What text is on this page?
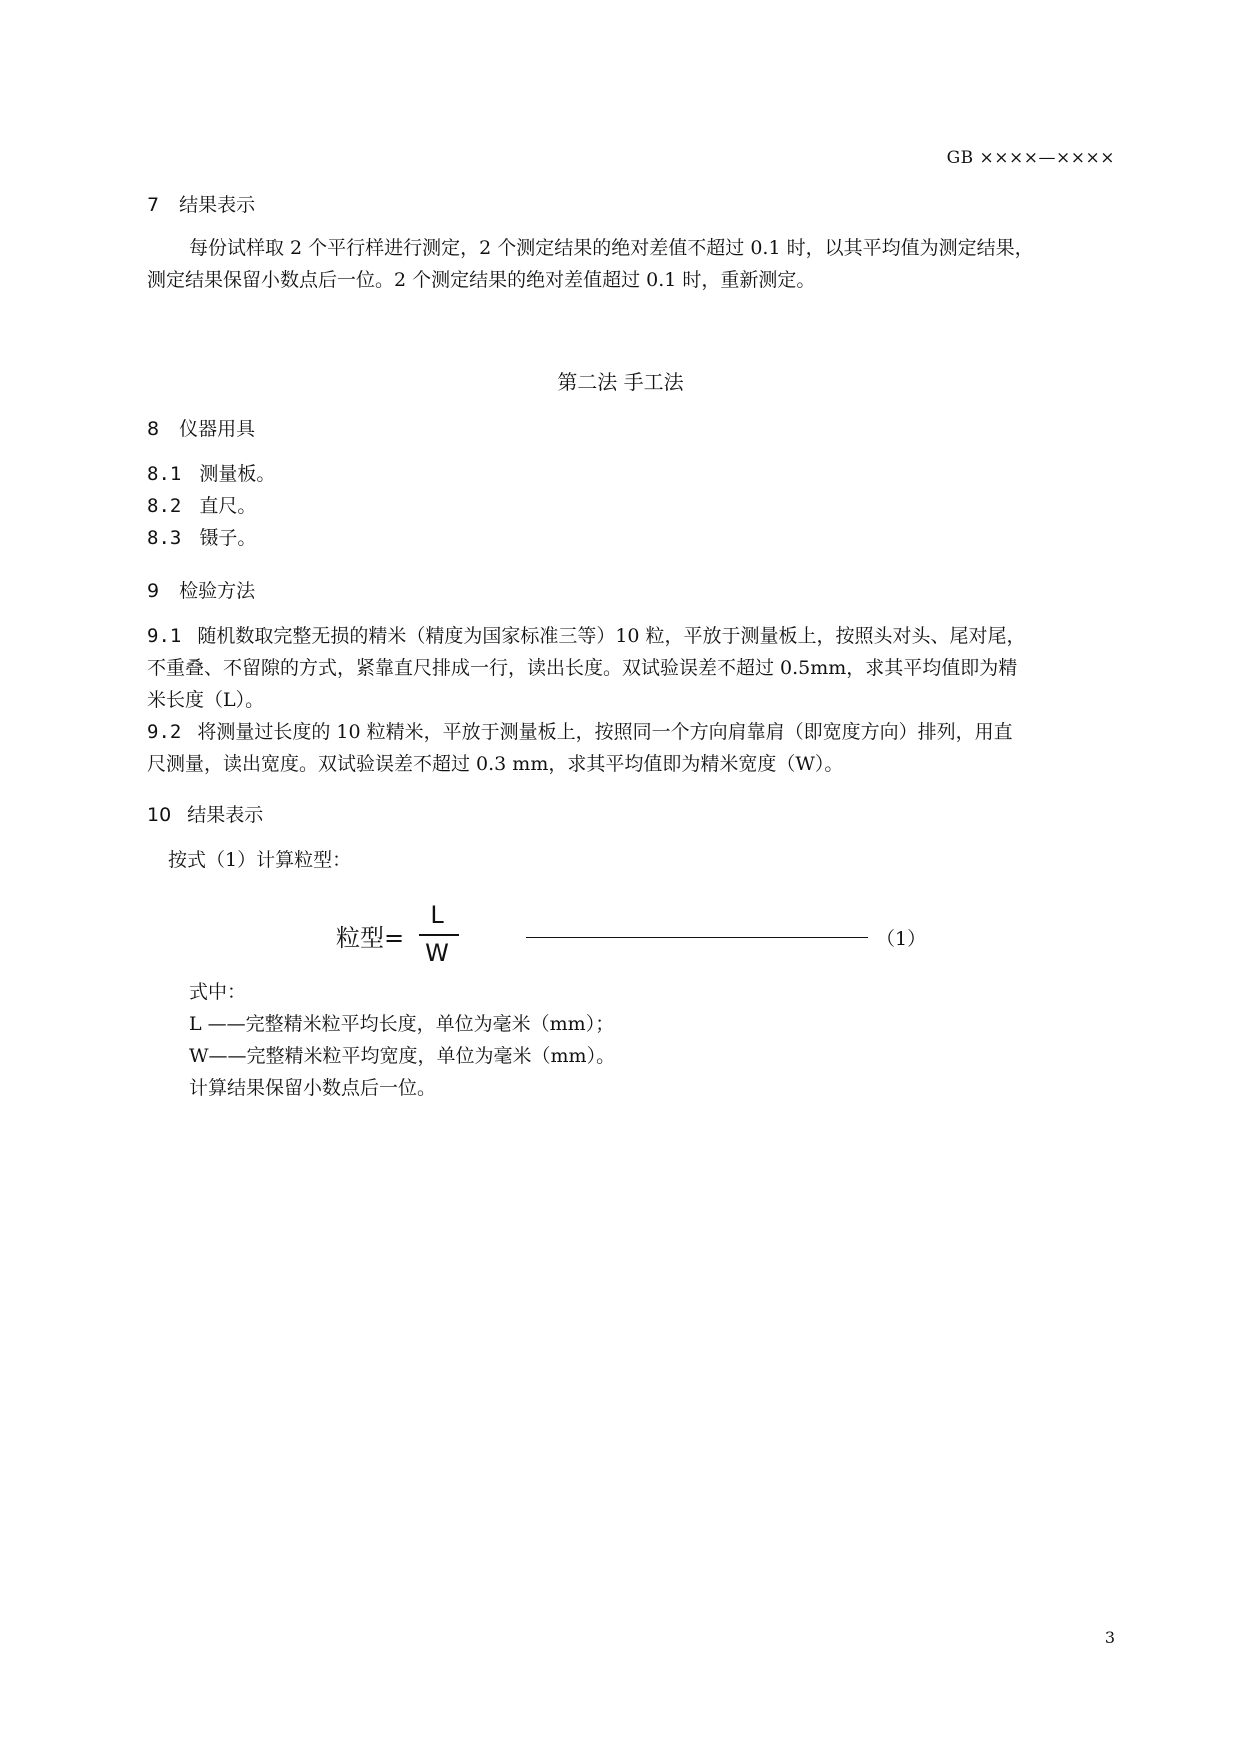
GB ××××—××××
7 结果表示
每份试样取 2 个平行样进行测定，2 个测定结果的绝对差值不超过 0.1 时，以其平均值为测定结果，
测定结果保留小数点后一位。2 个测定结果的绝对差值超过 0.1 时，重新测定。
第二法 手工法
8 仪器用具
8.1 测量板。
8.2 直尺。
8.3 镊子。
9 检验方法
9.1 随机数取完整无损的精米（精度为国家标准三等）10 粒，平放于测量板上，按照头对头、尾对尾，
不重叠、不留隙的方式，紧靠直尺排成一行，读出长度。双试验误差不超过 0.5mm，求其平均值即为精
米长度（L）。
9.2 将测量过长度的 10 粒精米，平放于测量板上，按照同一个方向肩靠肩（即宽度方向）排列，用直
尺测量，读出宽度。双试验误差不超过 0.3 mm，求其平均值即为精米宽度（W）。
10 结果表示
按式（1）计算粒型：
粒型=
L
W	（1）
式中：
L ——完整精米粒平均长度，单位为毫米（mm）；
W——完整精米粒平均宽度，单位为毫米（mm）。
计算结果保留小数点后一位。
3
